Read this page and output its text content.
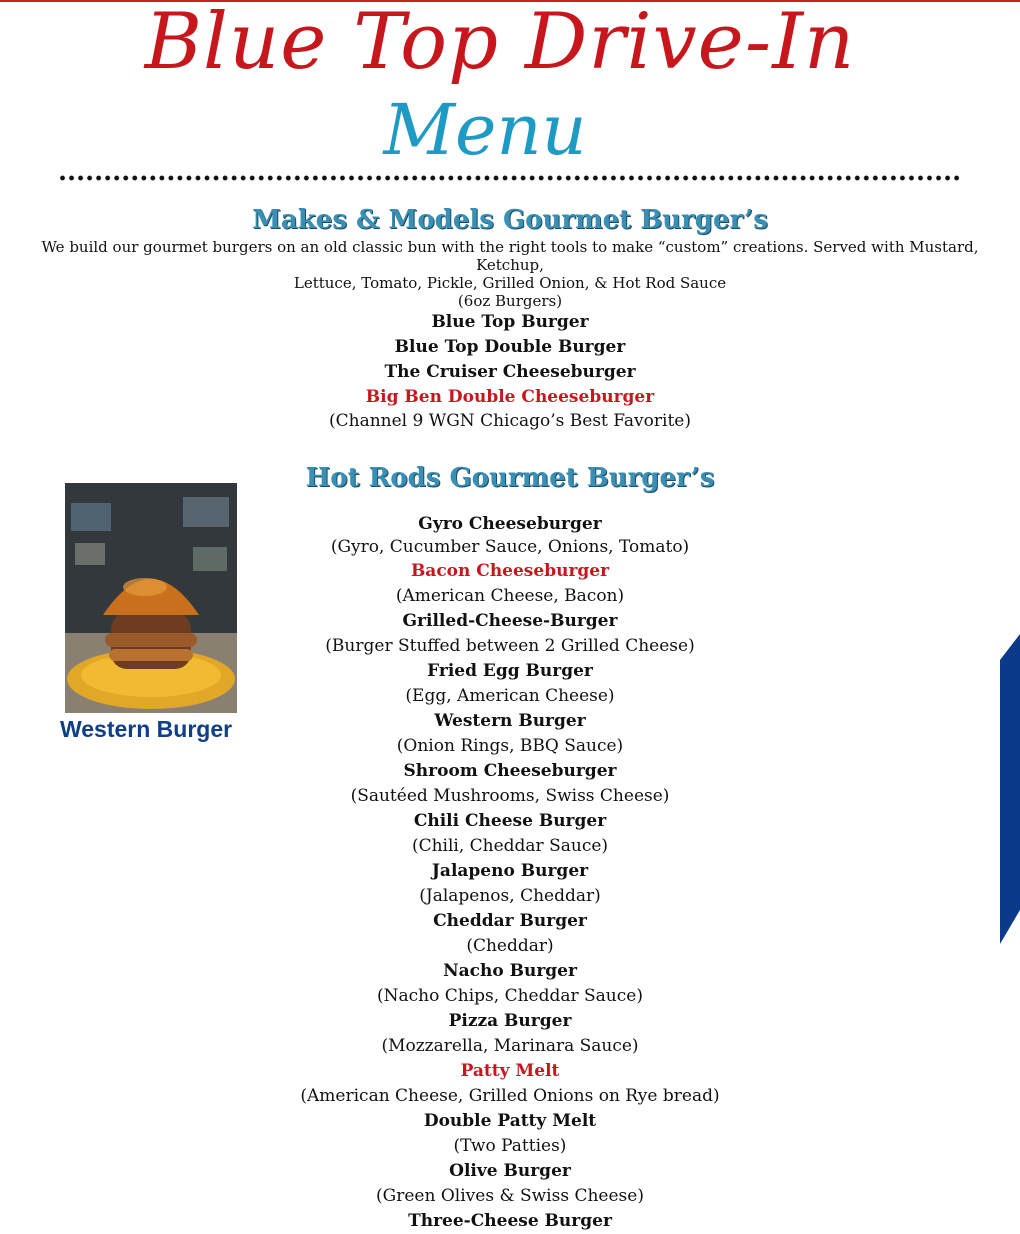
Blue Top Drive-In
Menu
Makes & Models Gourmet Burger’s

We build our gourmet burgers on an old classic bun with the right tools to make “custom” creations. Served with Mustard, Ketchup,

Lettuce, Tomato, Pickle, Grilled Onion, & Hot Rod Sauce

(6oz Burgers)

Blue Top Burger
Blue Top Double Burger
The Cruiser Cheeseburger
Big Ben Double Cheeseburger
(Channel 9 WGN Chicago’s Best Favorite)
Hot Rods Gourmet Burger’s
Gyro Cheeseburger
(Gyro, Cucumber Sauce, Onions, Tomato)
Bacon Cheeseburger
(American Cheese, Bacon)
Grilled-Cheese-Burger
(Burger Stuffed between 2 Grilled Cheese)
Fried Egg Burger
(Egg, American Cheese)
Western Burger
(Onion Rings, BBQ Sauce)
Shroom Cheeseburger
(Sautéed Mushrooms, Swiss Cheese)
Chili Cheese Burger
(Chili, Cheddar Sauce)
Jalapeno Burger
(Jalapenos, Cheddar)
Cheddar Burger
(Cheddar)
Nacho Burger
(Nacho Chips, Cheddar Sauce)
Pizza Burger
(Mozzarella, Marinara Sauce)
Patty Melt
(American Cheese, Grilled Onions on Rye bread)
Double Patty Melt
(Two Patties)
Olive Burger
(Green Olives & Swiss Cheese)
Three-Cheese Burger
Western Burger
